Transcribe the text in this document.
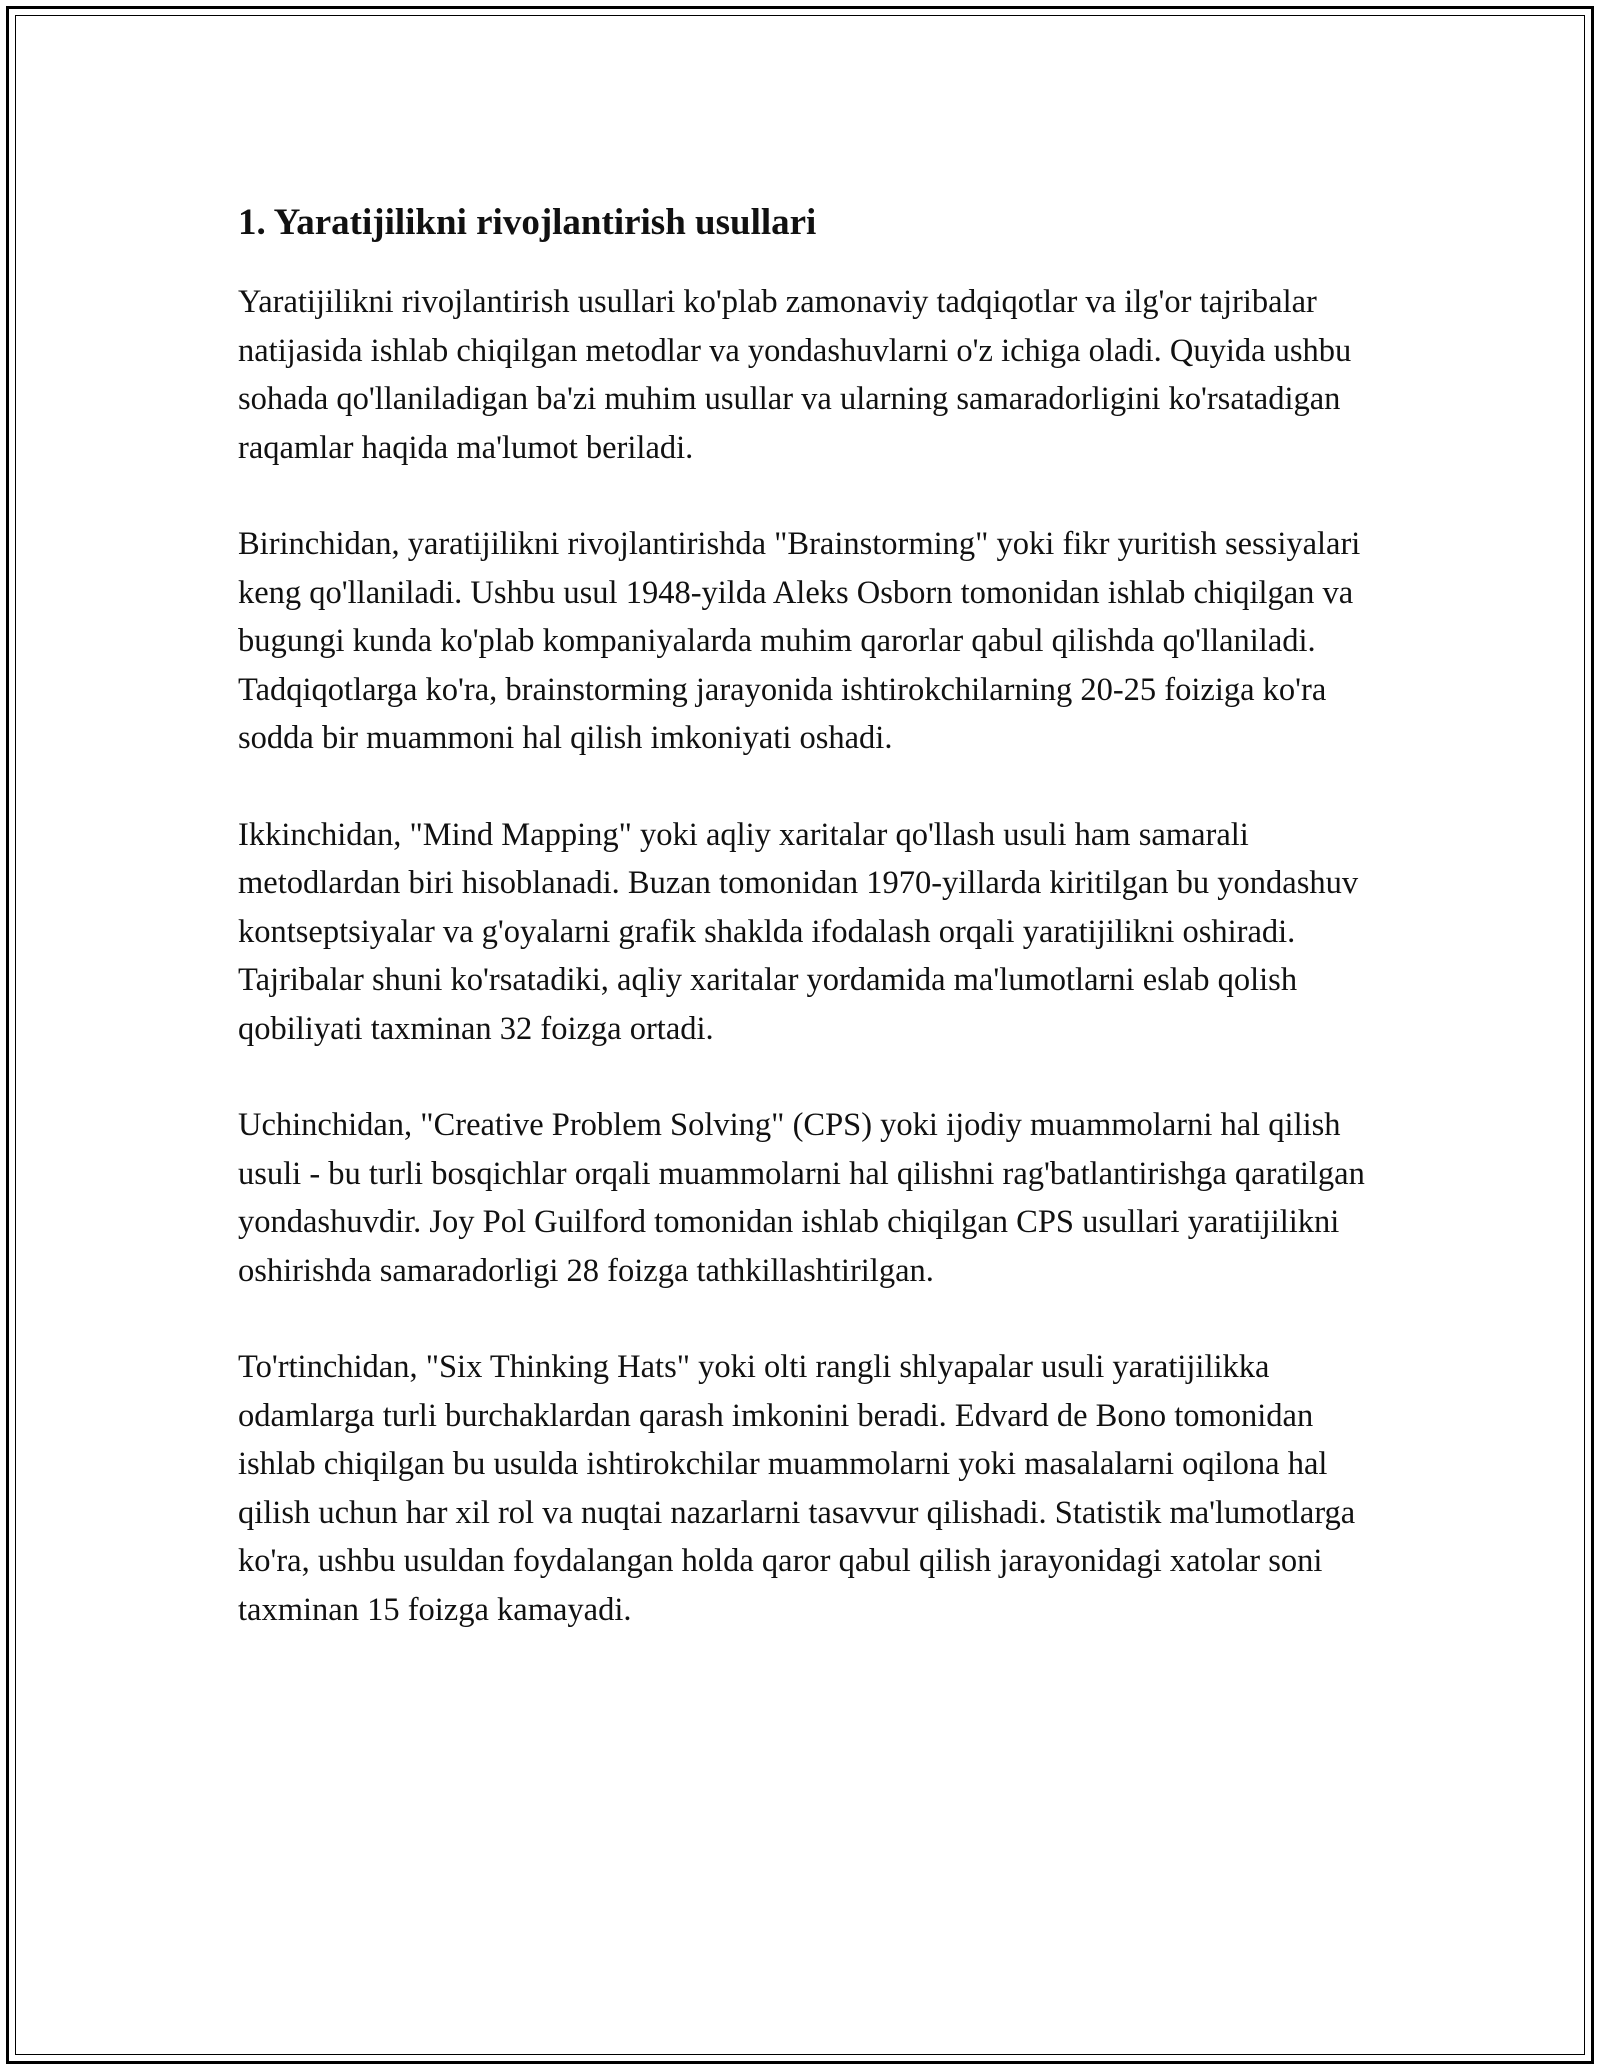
1. Yaratijilikni rivojlantirish usullari

Yaratijilikni rivojlantirish usullari ko'plab zamonaviy tadqiqotlar va ilg'or tajribalar natijasida ishlab chiqilgan metodlar va yondashuvlarni o'z ichiga oladi. Quyida ushbu sohada qo'llaniladigan ba'zi muhim usullar va ularning samaradorligini ko'rsatadigan raqamlar haqida ma'lumot beriladi.

Birinchidan, yaratijilikni rivojlantirishda "Brainstorming" yoki fikr yuritish sessiyalari keng qo'llaniladi. Ushbu usul 1948-yilda Aleks Osborn tomonidan ishlab chiqilgan va bugungi kunda ko'plab kompaniyalarda muhim qarorlar qabul qilishda qo'llaniladi. Tadqiqotlarga ko'ra, brainstorming jarayonida ishtirokchilarning 20-25 foiziga ko'ra sodda bir muammoni hal qilish imkoniyati oshadi.

Ikkinchidan, "Mind Mapping" yoki aqliy xaritalar qo'llash usuli ham samarali metodlardan biri hisoblanadi. Buzan tomonidan 1970-yillarda kiritilgan bu yondashuv kontseptsiyalar va g'oyalarni grafik shaklda ifodalash orqali yaratijilikni oshiradi. Tajribalar shuni ko'rsatadiki, aqliy xaritalar yordamida ma'lumotlarni eslab qolish qobiliyati taxminan 32 foizga ortadi.

Uchinchidan, "Creative Problem Solving" (CPS) yoki ijodiy muammolarni hal qilish usuli - bu turli bosqichlar orqali muammolarni hal qilishni rag'batlantirishga qaratilgan yondashuvdir. Joy Pol Guilford tomonidan ishlab chiqilgan CPS usullari yaratijilikni oshirishda samaradorligi 28 foizga tathkillashtirilgan.

To'rtinchidan, "Six Thinking Hats" yoki olti rangli shlyapalar usuli yaratijilikka odamlarga turli burchaklardan qarash imkonini beradi. Edvard de Bono tomonidan ishlab chiqilgan bu usulda ishtirokchilar muammolarni yoki masalalarni oqilona hal qilish uchun har xil rol va nuqtai nazarlarni tasavvur qilishadi. Statistik ma'lumotlarga ko'ra, ushbu usuldan foydalangan holda qaror qabul qilish jarayonidagi xatolar soni taxminan 15 foizga kamayadi.
